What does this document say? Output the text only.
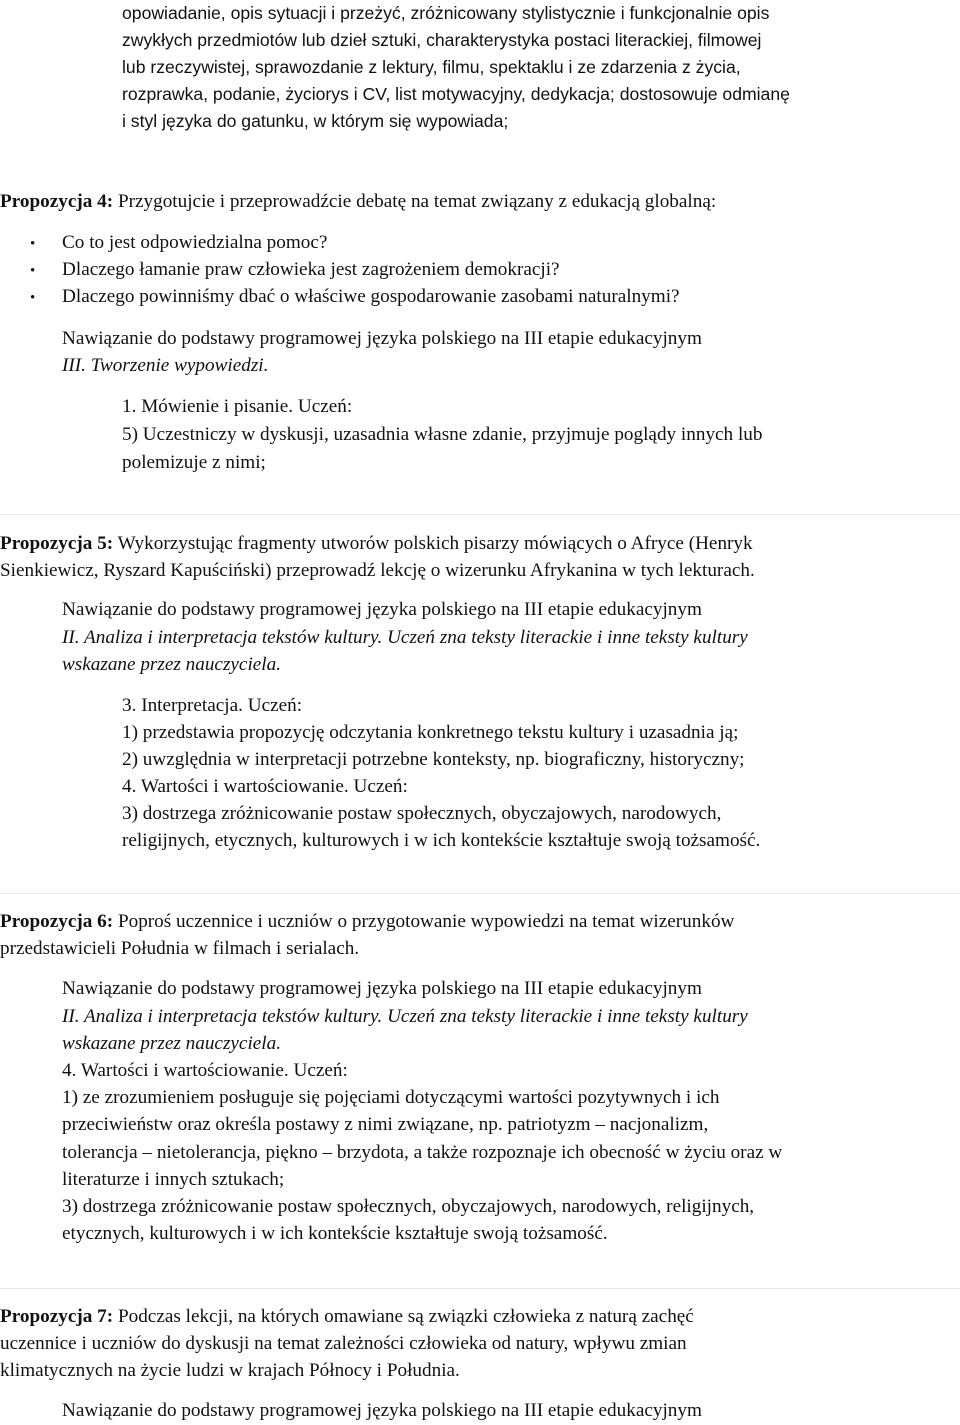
opowiadanie, opis sytuacji i przeżyć, zróżnicowany stylistycznie i funkcjonalnie opis
zwykłych przedmiotów lub dzieł sztuki, charakterystyka postaci literackiej, filmowej
lub rzeczywistej, sprawozdanie z lektury, filmu, spektaklu i ze zdarzenia z życia,
rozprawka, podanie, życiorys i CV, list motywacyjny, dedykacja; dostosowuje odmianę
i styl języka do gatunku, w którym się wypowiada;
Propozycja 4: Przygotujcie i przeprowadźcie debatę na temat związany z edukacją globalną:
• Co to jest odpowiedzialna pomoc?
• Dlaczego łamanie praw człowieka jest zagrożeniem demokracji?
• Dlaczego powinniśmy dbać o właściwe gospodarowanie zasobami naturalnymi?
Nawiązanie do podstawy programowej języka polskiego na III etapie edukacyjnym
III. Tworzenie wypowiedzi.
1. Mówienie i pisanie. Uczeń:
5) Uczestniczy w dyskusji, uzasadnia własne zdanie, przyjmuje poglądy innych lub
polemizuje z nimi;
Propozycja 5: Wykorzystując fragmenty utworów polskich pisarzy mówiących o Afryce (Henryk
Sienkiewicz, Ryszard Kapuściński) przeprowadź lekcję o wizerunku Afrykanina w tych lekturach.
Nawiązanie do podstawy programowej języka polskiego na III etapie edukacyjnym
II. Analiza i interpretacja tekstów kultury. Uczeń zna teksty literackie i inne teksty kultury
wskazane przez nauczyciela.
3. Interpretacja. Uczeń:
1) przedstawia propozycję odczytania konkretnego tekstu kultury i uzasadnia ją;
2) uwzględnia w interpretacji potrzebne konteksty, np. biograficzny, historyczny;
4. Wartości i wartościowanie. Uczeń:
3) dostrzega zróżnicowanie postaw społecznych, obyczajowych, narodowych,
religijnych, etycznych, kulturowych i w ich kontekście kształtuje swoją tożsamość.
Propozycja 6: Poproś uczennice i uczniów o przygotowanie wypowiedzi na temat wizerunków
przedstawicieli Południa w filmach i serialach.
Nawiązanie do podstawy programowej języka polskiego na III etapie edukacyjnym
II. Analiza i interpretacja tekstów kultury. Uczeń zna teksty literackie i inne teksty kultury
wskazane przez nauczyciela.
4. Wartości i wartościowanie. Uczeń:
1) ze zrozumieniem posługuje się pojęciami dotyczącymi wartości pozytywnych i ich
przeciwieństw oraz określa postawy z nimi związane, np. patriotyzm – nacjonalizm,
tolerancja – nietolerancja, piękno – brzydota, a także rozpoznaje ich obecność w życiu oraz w
literaturze i innych sztukach;
3) dostrzega zróżnicowanie postaw społecznych, obyczajowych, narodowych, religijnych,
etycznych, kulturowych i w ich kontekście kształtuje swoją tożsamość.
Propozycja 7: Podczas lekcji, na których omawiane są związki człowieka z naturą zachęć
uczennice i uczniów do dyskusji na temat zależności człowieka od natury, wpływu zmian
klimatycznych na życie ludzi w krajach Północy i Południa.
Nawiązanie do podstawy programowej języka polskiego na III etapie edukacyjnym
